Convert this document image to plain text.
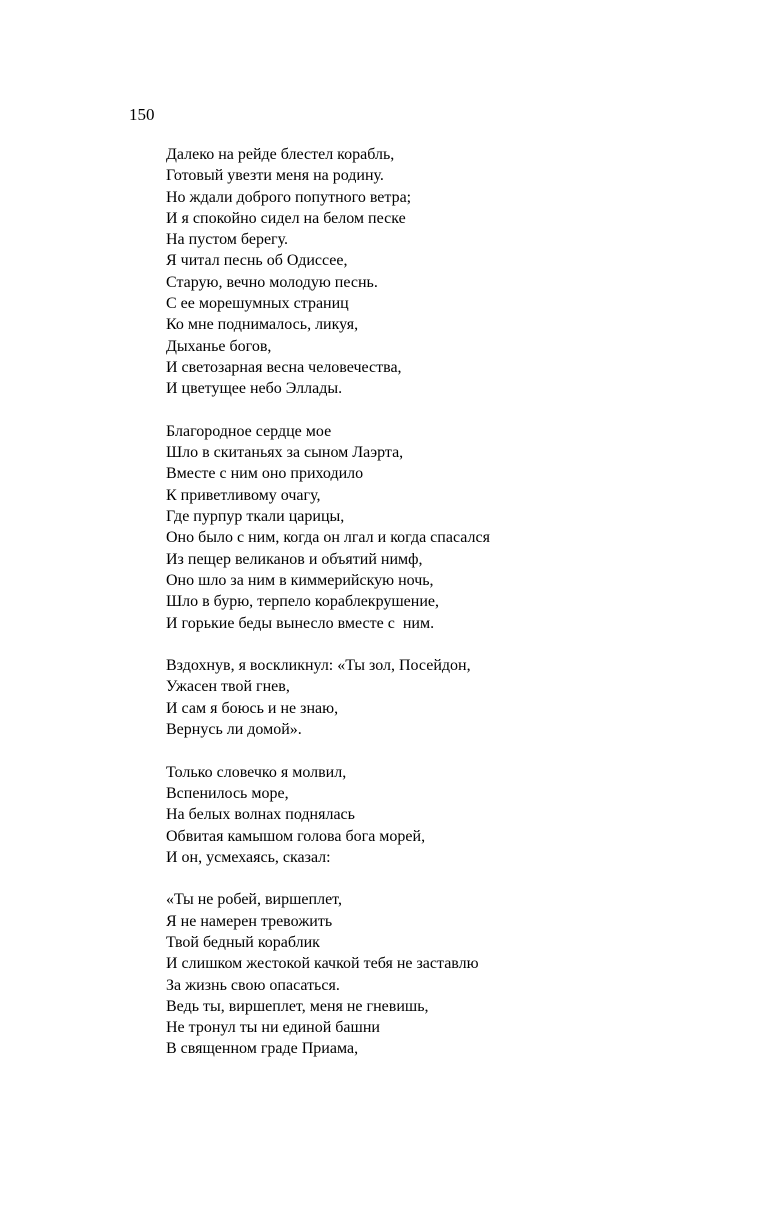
150
Далеко на рейде блестел корабль,
Готовый увезти меня на родину.
Но ждали доброго попутного ветра;
И я спокойно сидел на белом песке
На пустом берегу.
Я читал песнь об Одиссее,
Старую, вечно молодую песнь.
С ее морешумных страниц
Ко мне поднималось, ликуя,
Дыханье богов,
И светозарная весна человечества,
И цветущее небо Эллады.
Благородное сердце мое
Шло в скитаньях за сыном Лаэрта,
Вместе с ним оно приходило
К приветливому очагу,
Где пурпур ткали царицы,
Оно было с ним, когда он лгал и когда спасался
Из пещер великанов и объятий нимф,
Оно шло за ним в киммерийскую ночь,
Шло в бурю, терпело кораблекрушение,
И горькие беды вынесло вместе с  ним.
Вздохнув, я воскликнул: «Ты зол, Посейдон,
Ужасен твой гнев,
И сам я боюсь и не знаю,
Вернусь ли домой».
Только словечко я молвил,
Вспенилось море,
На белых волнах поднялась
Обвитая камышом голова бога морей,
И он, усмехаясь, сказал:
«Ты не робей, виршеплет,
Я не намерен тревожить
Твой бедный кораблик
И слишком жестокой качкой тебя не заставлю
За жизнь свою опасаться.
Ведь ты, виршеплет, меня не гневишь,
Не тронул ты ни единой башни
В священном граде Приама,
